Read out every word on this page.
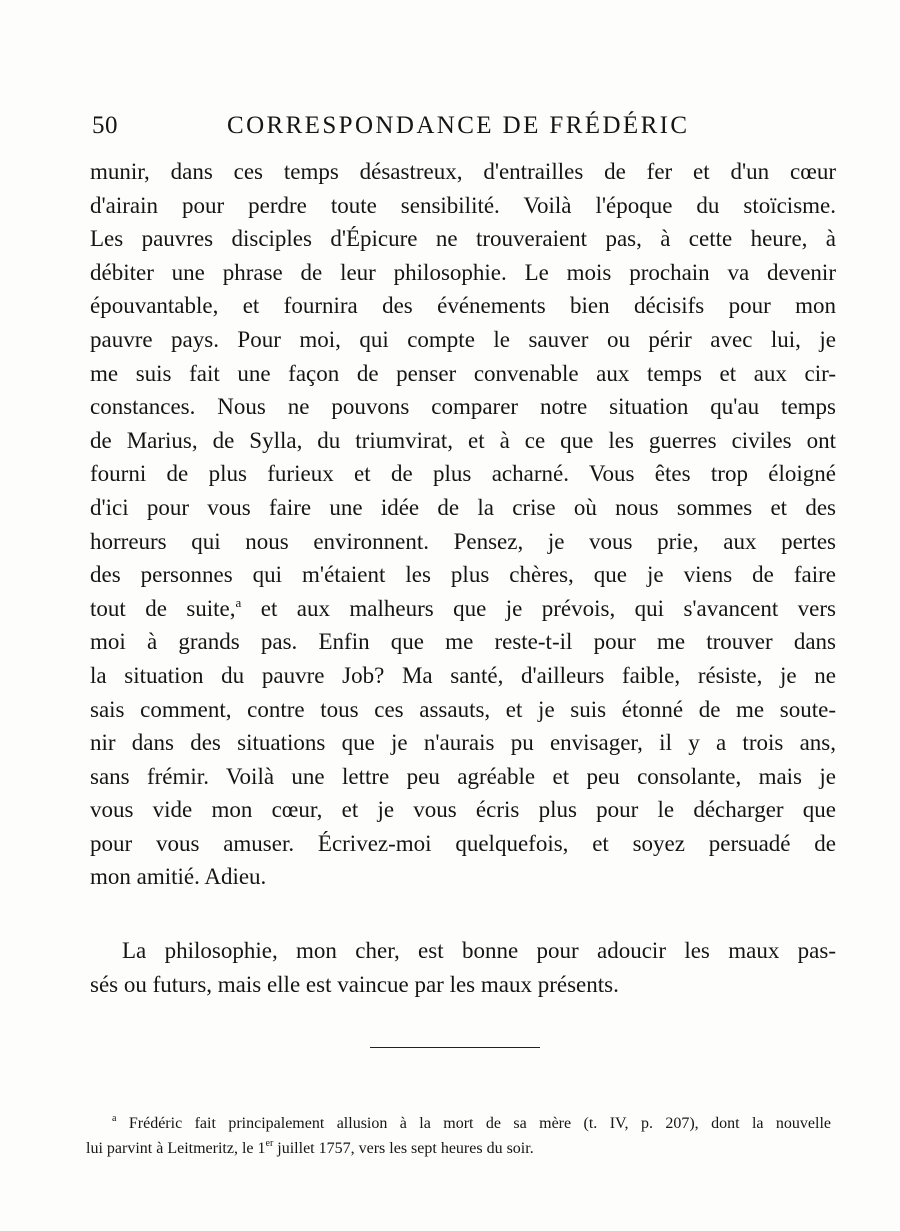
50	CORRESPONDANCE DE FRÉDÉRIC
munir, dans ces temps désastreux, d'entrailles de fer et d'un cœur
d'airain pour perdre toute sensibilité. Voilà l'époque du stoïcisme.
Les pauvres disciples d'Épicure ne trouveraient pas, à cette heure, à
débiter une phrase de leur philosophie. Le mois prochain va devenir
épouvantable, et fournira des événements bien décisifs pour mon
pauvre pays. Pour moi, qui compte le sauver ou périr avec lui, je
me suis fait une façon de penser convenable aux temps et aux cir-
constances. Nous ne pouvons comparer notre situation qu'au temps
de Marius, de Sylla, du triumvirat, et à ce que les guerres civiles ont
fourni de plus furieux et de plus acharné. Vous êtes trop éloigné
d'ici pour vous faire une idée de la crise où nous sommes et des
horreurs qui nous environnent. Pensez, je vous prie, aux pertes
des personnes qui m'étaient les plus chères, que je viens de faire
tout de suite,$^a$ et aux malheurs que je prévois, qui s'avancent vers
moi à grands pas. Enfin que me reste-t-il pour me trouver dans
la situation du pauvre Job? Ma santé, d'ailleurs faible, résiste, je ne
sais comment, contre tous ces assauts, et je suis étonné de me soute-
nir dans des situations que je n'aurais pu envisager, il y a trois ans,
sans frémir. Voilà une lettre peu agréable et peu consolante, mais je
vous vide mon cœur, et je vous écris plus pour le décharger que
pour vous amuser. Écrivez-moi quelquefois, et soyez persuadé de
mon amitié. Adieu.
La philosophie, mon cher, est bonne pour adoucir les maux pas-
sés ou futurs, mais elle est vaincue par les maux présents.
$^a$ Frédéric fait principalement allusion à la mort de sa mère (t. IV, p. 207), dont la nouvelle
lui parvint à Leitmeritz, le 1er juillet 1757, vers les sept heures du soir.
